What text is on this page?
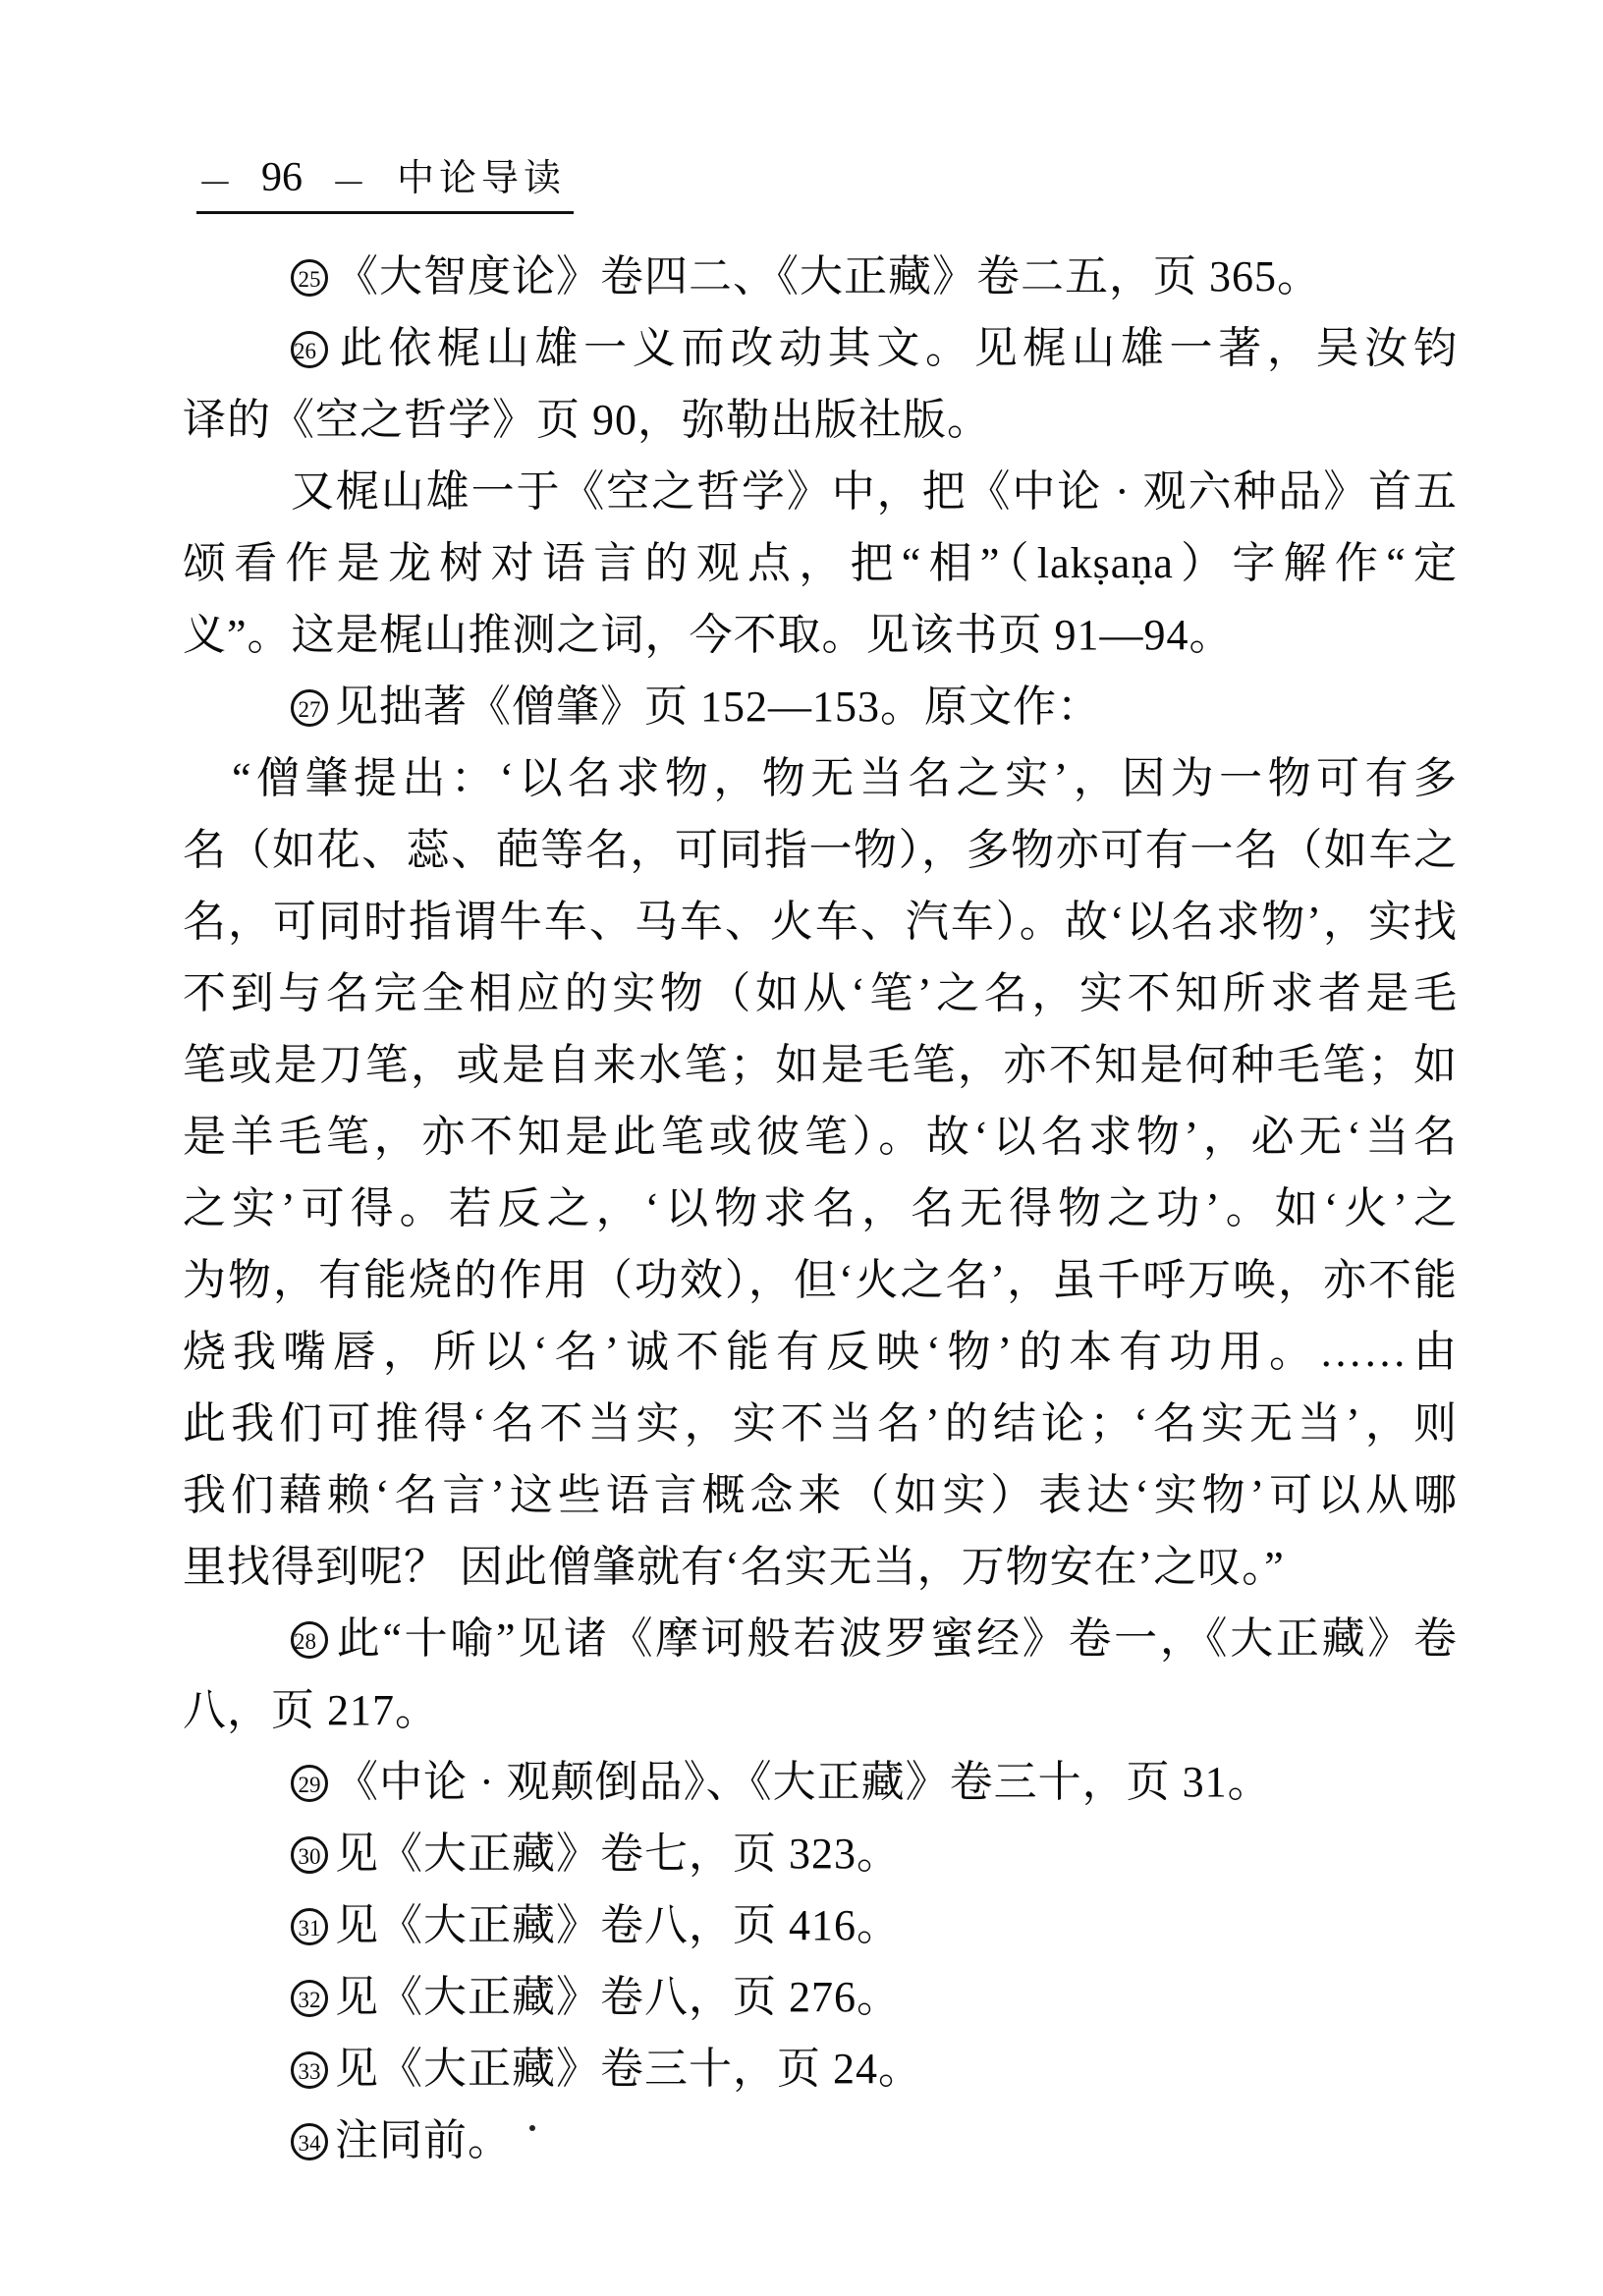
— 96 — 中论导读
25 《大智度论》卷四二、《大正藏》卷二五，页 365。
26 此依梶山雄一义而改动其文。见梶山雄一著，吴汝钧
译的《空之哲学》页 90，弥勒出版社版。
又梶山雄一于《空之哲学》中，把《中论 · 观六种品》首五
颂看作是龙树对语言的观点，把“相”（lakṣaṇa）字解作“定
义”。这是梶山推测之词，今不取。见该书页 91—94。
27 见拙著《僧肇》页 152—153。原文作：
“僧肇提出：‘以名求物，物无当名之实’，因为一物可有多
名（如花、蕊、葩等名，可同指一物），多物亦可有一名（如车之
名，可同时指谓牛车、马车、火车、汽车）。故‘以名求物’，实找
不到与名完全相应的实物（如从‘笔’之名，实不知所求者是毛
笔或是刀笔，或是自来水笔；如是毛笔，亦不知是何种毛笔；如
是羊毛笔，亦不知是此笔或彼笔）。故‘以名求物’，必无‘当名
之实’可得。若反之，‘以物求名，名无得物之功’。如‘火’之
为物，有能烧的作用（功效），但‘火之名’，虽千呼万唤，亦不能
烧我嘴唇，所以‘名’诚不能有反映‘物’的本有功用。……由
此我们可推得‘名不当实，实不当名’的结论；‘名实无当’，则
我们藉赖‘名言’这些语言概念来（如实）表达‘实物’可以从哪
里找得到呢？ 因此僧肇就有‘名实无当，万物安在’之叹。”
28 此“十喻”见诸《摩诃般若波罗蜜经》卷一，《大正藏》卷
八，页 217。
29 《中论 · 观颠倒品》、《大正藏》卷三十，页 31。
30 见《大正藏》卷七，页 323。
31 见《大正藏》卷八，页 416。
32 见《大正藏》卷八，页 276。
33 见《大正藏》卷三十，页 24。
34 注同前。
